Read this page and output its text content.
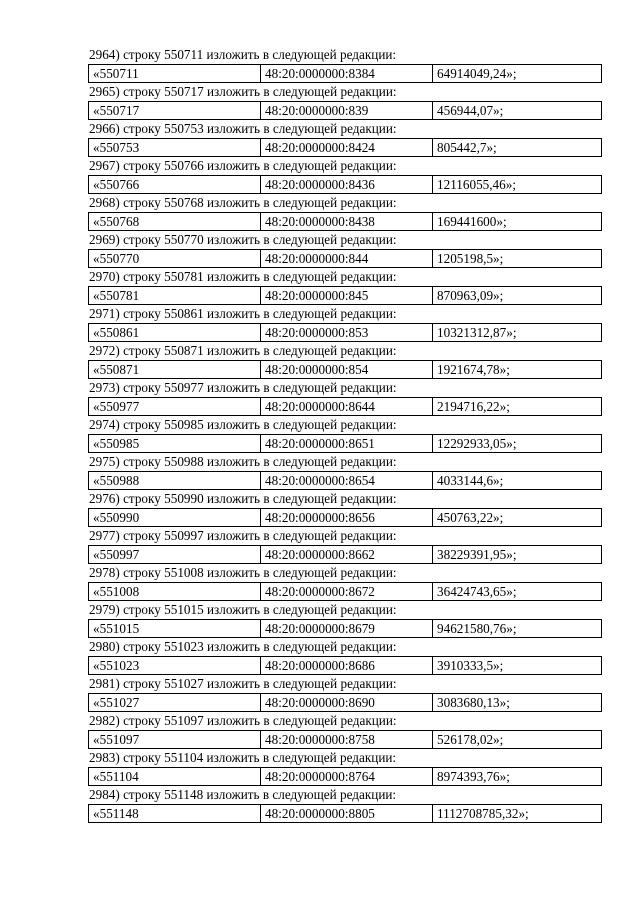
2964) строку 550711 изложить в следующей редакции:
«550711	48:20:0000000:8384	64914049,24»;
2965) строку 550717 изложить в следующей редакции:
«550717	48:20:0000000:839	456944,07»;
2966) строку 550753 изложить в следующей редакции:
«550753	48:20:0000000:8424	805442,7»;
2967) строку 550766 изложить в следующей редакции:
«550766	48:20:0000000:8436	12116055,46»;
2968) строку 550768 изложить в следующей редакции:
«550768	48:20:0000000:8438	169441600»;
2969) строку 550770 изложить в следующей редакции:
«550770	48:20:0000000:844	1205198,5»;
2970) строку 550781 изложить в следующей редакции:
«550781	48:20:0000000:845	870963,09»;
2971) строку 550861 изложить в следующей редакции:
«550861	48:20:0000000:853	10321312,87»;
2972) строку 550871 изложить в следующей редакции:
«550871	48:20:0000000:854	1921674,78»;
2973) строку 550977 изложить в следующей редакции:
«550977	48:20:0000000:8644	2194716,22»;
2974) строку 550985 изложить в следующей редакции:
«550985	48:20:0000000:8651	12292933,05»;
2975) строку 550988 изложить в следующей редакции:
«550988	48:20:0000000:8654	4033144,6»;
2976) строку 550990 изложить в следующей редакции:
«550990	48:20:0000000:8656	450763,22»;
2977) строку 550997 изложить в следующей редакции:
«550997	48:20:0000000:8662	38229391,95»;
2978) строку 551008 изложить в следующей редакции:
«551008	48:20:0000000:8672	36424743,65»;
2979) строку 551015 изложить в следующей редакции:
«551015	48:20:0000000:8679	94621580,76»;
2980) строку 551023 изложить в следующей редакции:
«551023	48:20:0000000:8686	3910333,5»;
2981) строку 551027 изложить в следующей редакции:
«551027	48:20:0000000:8690	3083680,13»;
2982) строку 551097 изложить в следующей редакции:
«551097	48:20:0000000:8758	526178,02»;
2983) строку 551104 изложить в следующей редакции:
«551104	48:20:0000000:8764	8974393,76»;
2984) строку 551148 изложить в следующей редакции:
«551148	48:20:0000000:8805	1112708785,32»;
